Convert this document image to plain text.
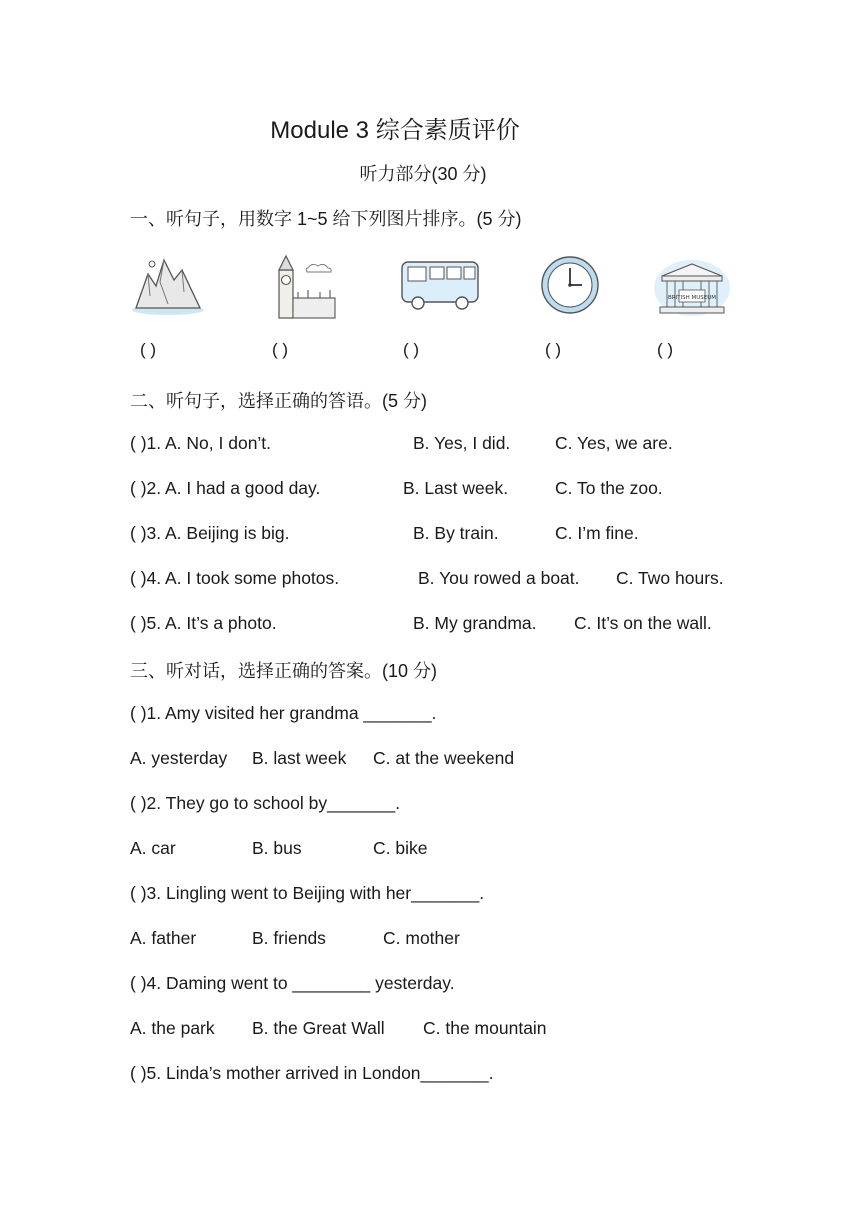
Module 3 综合素质评价
听力部分(30 分)
一、听句子，用数字 1~5 给下列图片排序。(5 分)
BRITISH MUSEUM
( )	( )	( )	( )	( )
二、听句子，选择正确的答语。(5 分)
( )1. A. No, I don’t.	B. Yes, I did.	C. Yes, we are.
( )2. A. I had a good day.	B. Last week.	C. To the zoo.
( )3. A. Beijing is big.	B. By train.	C. I’m fine.
( )4. A. I took some photos.	B. You rowed a boat. C. Two hours.
( )5. A. It’s a photo.	B. My grandma. C. It’s on the wall.
三、听对话，选择正确的答案。(10 分)
( )1. Amy visited her grandma _______.
A. yesterday B. last week C. at the weekend
( )2. They go to school by_______.
A. car	B. bus	C. bike
( )3. Lingling went to Beijing with her_______.
A. father	B. friends	C. mother
( )4. Daming went to ________ yesterday.
A. the park B. the Great Wall C. the mountain
( )5. Linda’s mother arrived in London_______.
